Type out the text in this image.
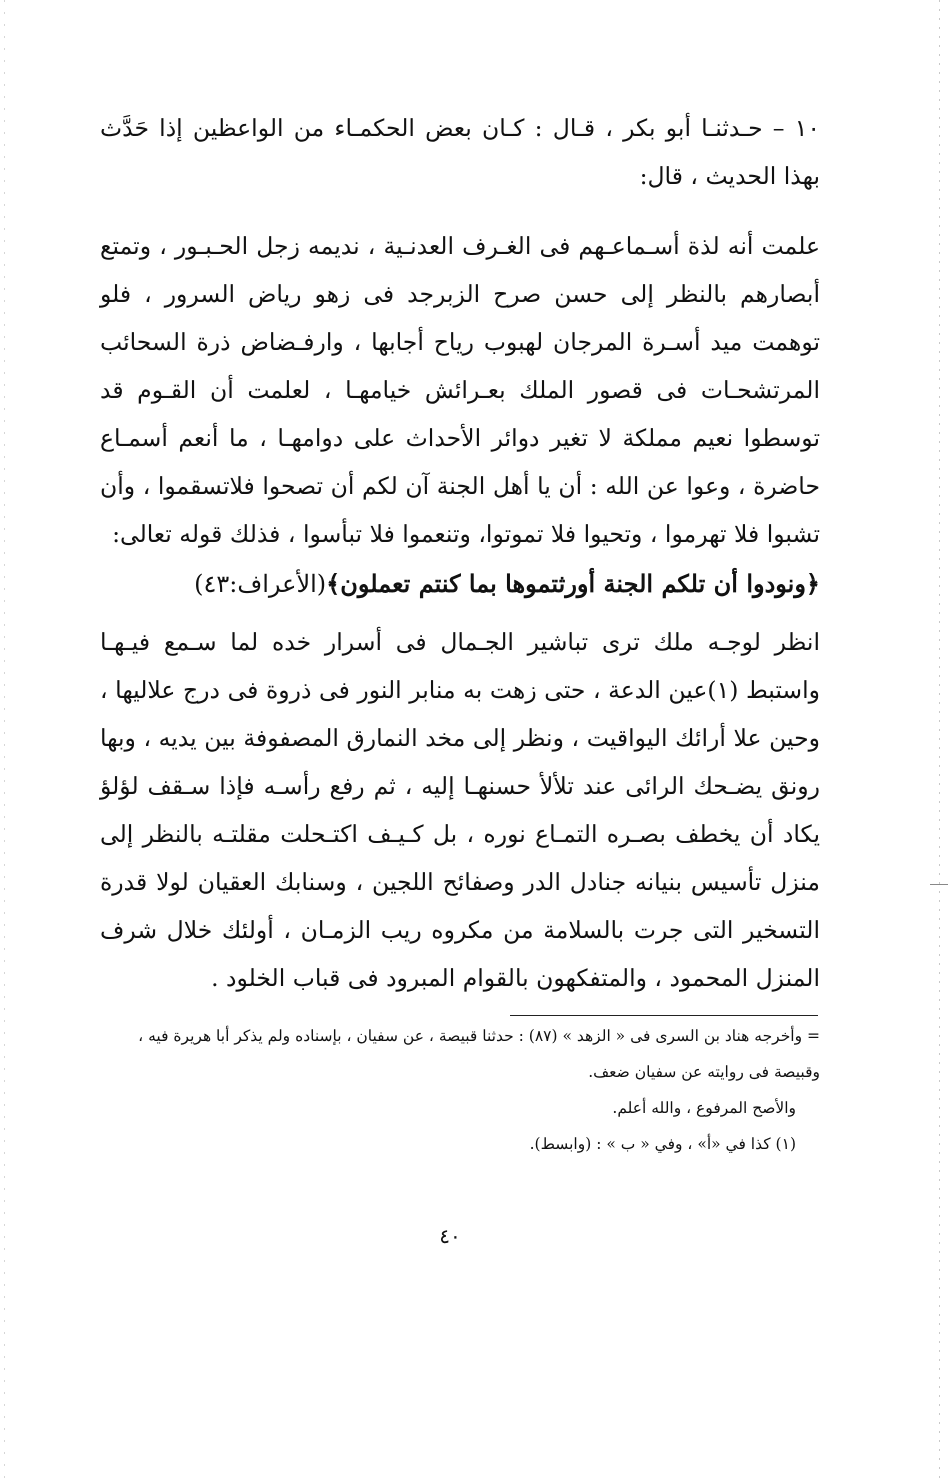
١٠ – حـدثنـا أبو بكر ، قـال : كـان بعض الحكمـاء من الواعظين إذا حَدَّث بهذا الحديث ، قال:

علمت أنه لذة أسـماعـهم فى الغـرف العدنـية ، نديمه زجل الحـبـور ، وتمتع أبصارهم بالنظر إلى حسن صرح الزبرجد فى زهو رياض السرور ، فلو توهمت ميد أسـرة المرجان لهبوب رياح أجابها ، وارفـضاض ذرة السحائب المرتشحـات فى قصور الملك بعـرائش خيامهـا ، لعلمت أن القـوم قد توسطوا نعيم مملكة لا تغير دوائر الأحداث على دوامهـا ، ما أنعم أسمـاع حاضرة ، وعوا عن الله : أن يا أهل الجنة آن لكم أن تصحوا فلاتسقموا ، وأن تشبوا فلا تهرموا ، وتحيوا فلا تموتوا، وتنعموا فلا تبأسوا ، فذلك قوله تعالى:

﴿ونودوا أن تلكم الجنة أورثتموها بما كنتم تعملون﴾(الأعراف:٤٣)

انظر لوجـه ملك ترى تباشير الجـمال فى أسرار خده لما سـمع فيـهـا واستبط (١)عين الدعة ، حتى زهت به منابر النور فى ذروة فى درج علاليها ، وحين علا أرائك اليواقيت ، ونظر إلى مخد النمارق المصفوفة بين يديه ، وبها رونق يضـحك الرائى عند تلألأ حسنهـا إليه ، ثم رفع رأسـه فإذا سـقف لؤلؤ يكاد أن يخطف بصـره التمـاع نوره ، بل كـيـف اكتـحلت مقلتـه بالنظر إلى منزل تأسيس بنيانه جنادل الدر وصفائح اللجين ، وسنابك العقيان لولا قدرة التسخير التى جرت بالسلامة من مكروه ريب الزمـان ، أولئك خلال شرف المنزل المحمود ، والمتفكهون بالقوام المبرود فى قباب الخلود .

= وأخرجه هناد بن السرى فى « الزهد » (٨٧) : حدثنا قبيصة ، عن سفيان ، بإسناده ولم يذكر أبا هريرة فيه ، وقبيصة فى روايته عن سفيان ضعف.

والأصح المرفوع ، والله أعلم.

(١) كذا في «أ» ، وفي « ب » : (وابسط).

٤٠
